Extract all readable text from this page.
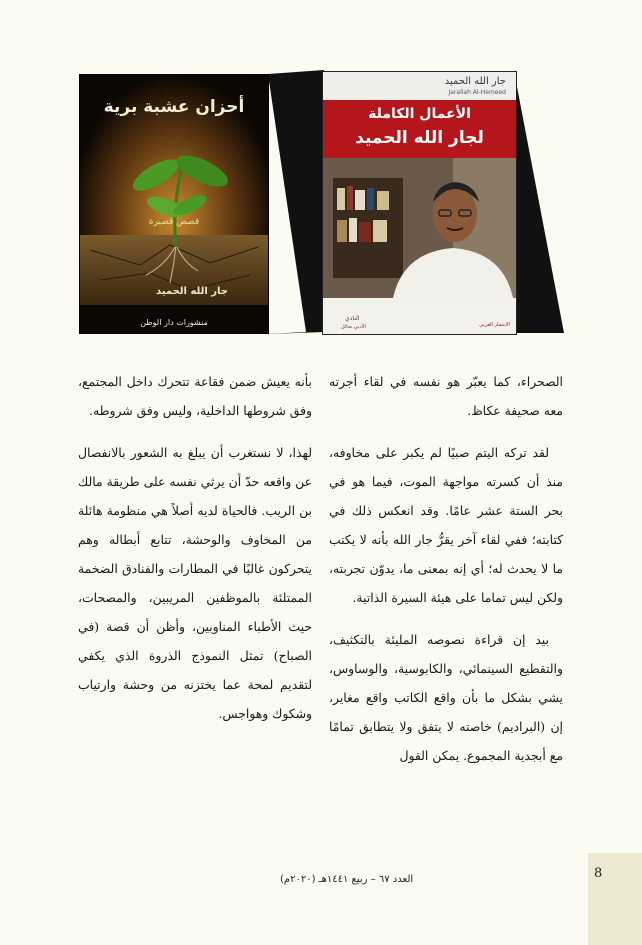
أحزان عشبة برية
قصص قصيرة
جار الله الحميد
منشورات دار الوطن
جار الله الحميد
Jarallah Al-Hemeed
الأعمال الكاملة
لجار الله الحميد
النادي
الأدبي بحائل	الانتشار العربي

الصحراء، كما يعبّر هو نفسه في لقاء أجرته معه صحيفة عكاظ.

لقد تركه اليتم صبيًا لم يكبر على مخاوفه، منذ أن كسرته مواجهة الموت، فيما هو في بحر الستة عشر عامًا. وقد انعكس ذلك في كتابته؛ ففي لقاء آخر يقرُّ جار الله بأنه لا يكتب ما لا يحدث له؛ أي إنه بمعنى ما، يدوّن تجربته، ولكن ليس تماما على هيئة السيرة الذاتية.

بيد إن قراءة نصوصه المليئة بالتكثيف، والتقطيع السينمائي، والكابوسية، والوساوس، يشي بشكل ما بأن واقع الكاتب واقع مغاير، إن (البراديم) خاصته لا يتفق ولا يتطابق تمامًا مع أبجدية المجموع. يمكن القول

بأنه يعيش ضمن فقاعة تتحرك داخل المجتمع، وفق شروطها الداخلية، وليس وفق شروطه.

لهذا، لا نستغرب أن يبلغ به الشعور بالانفصال عن واقعه حدّ أن يرثي نفسه على طريقة مالك بن الريب. فالحياة لديه أصلاً هي منظومة هائلة من المخاوف والوحشة، تتابع أبطاله وهم يتحركون غالبًا في المطارات والفنادق الضخمة الممتلئة بالموظفين المريبين، والمصحات، حيث الأطباء المناوبين، وأظن أن قصة (في الصباح) تمثل النموذج الذروة الذي يكفي لتقديم لمحة عما يختزنه من وحشة وارتياب وشكوك وهواجس.

العدد ٦٧ – ربيع ١٤٤١هـ (٢٠٢٠م)	8
